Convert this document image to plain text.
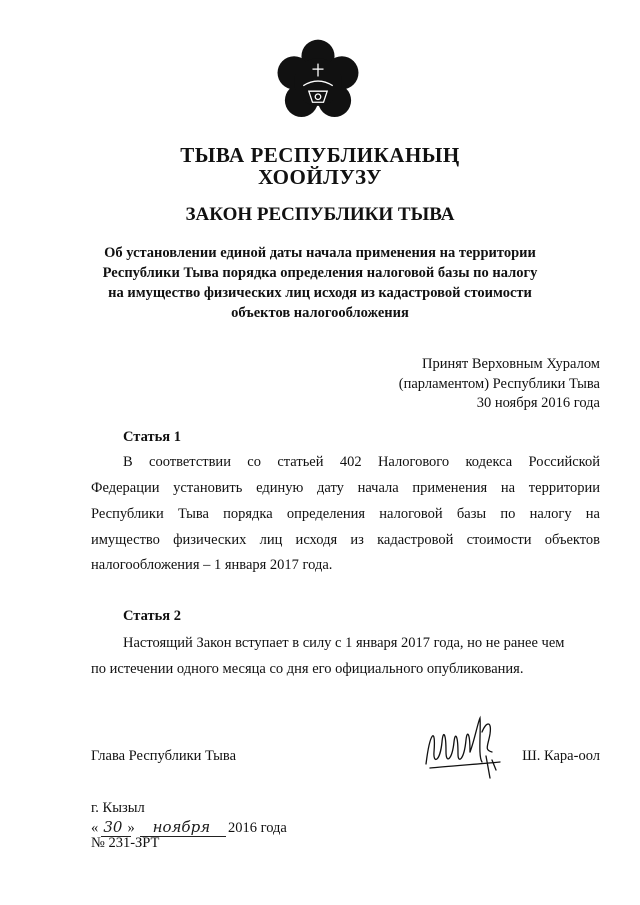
ТЫВА РЕСПУБЛИКАНЫҢ
ХООЙЛУЗУ
ЗАКОН РЕСПУБЛИКИ ТЫВА
Об установлении единой даты начала применения на территории
Республики Тыва порядка определения налоговой базы по налогу
на имущество физических лиц исходя из кадастровой стоимости
объектов налогообложения
Принят Верховным Хуралом
(парламентом) Республики Тыва
30 ноября 2016 года
Статья 1
В соответствии со статьей 402 Налогового кодекса Российской
Федерации установить единую дату начала применения на территории
Республики Тыва порядка определения налоговой базы по налогу на
имущество физических лиц исходя из кадастровой стоимости объектов
налогообложения – 1 января 2017 года.
Статья 2
Настоящий Закон вступает в силу с 1 января 2017 года, но не ранее чем
по истечении одного месяца со дня его официального опубликования.
Глава Республики Тыва	Ш. Кара-оол
г. Кызыл
« 30 » ноября 2016 года
№ 231-ЗРТ
